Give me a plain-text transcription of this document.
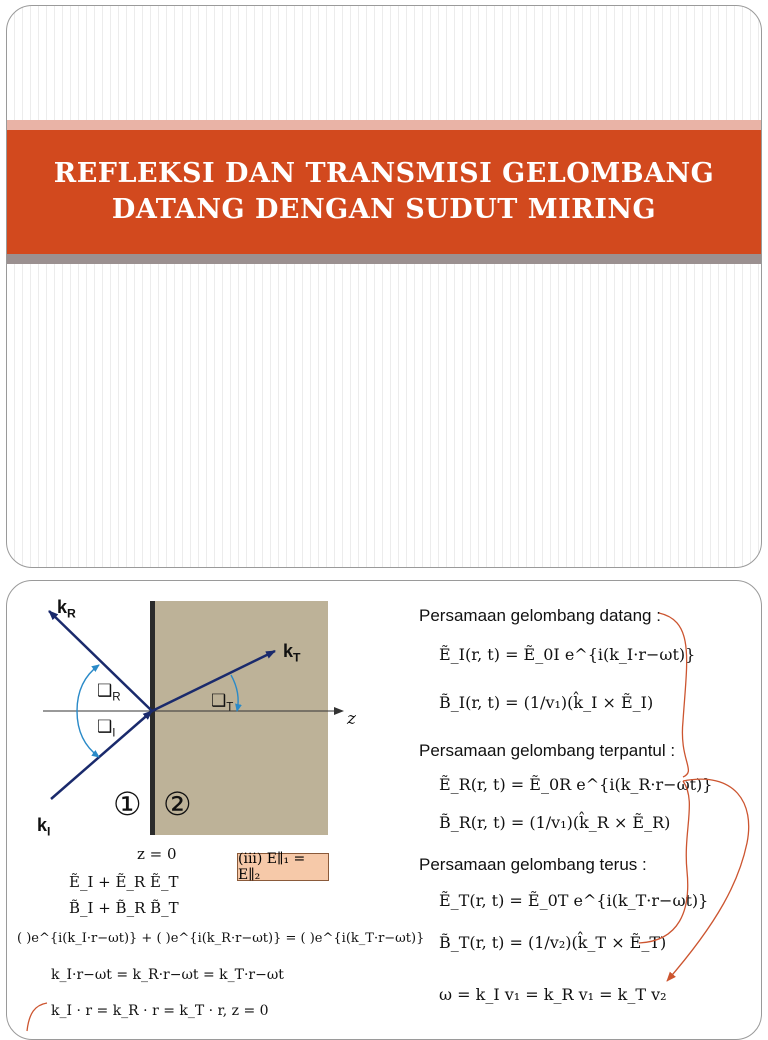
REFLEKSI DAN TRANSMISI GELOMBANG
DATANG DENGAN SUDUT MIRING
$k_R$
$k_T$
$k_I$
z
$❑_R$
$❑_I$
$❑_T$
① ②
z = 0	(iii) E∥₁ = E∥₂
Ẽ_I + Ẽ_R Ẽ_T
B̃_I + B̃_R B̃_T
( )e^{i(k_I·r−ωt)} + ( )e^{i(k_R·r−ωt)} = ( )e^{i(k_T·r−ωt)}
k_I·r−ωt = k_R·r−ωt = k_T·r−ωt
k_I · r = k_R · r = k_T · r, z = 0
Persamaan gelombang datang :
Ẽ_I(r, t) = Ẽ_0I e^{i(k_I·r−ωt)}
B̃_I(r, t) = (1/v₁)(k̂_I × Ẽ_I)
Persamaan gelombang terpantul :
Ẽ_R(r, t) = Ẽ_0R e^{i(k_R·r−ωt)}
B̃_R(r, t) = (1/v₁)(k̂_R × Ẽ_R)
Persamaan gelombang terus :
Ẽ_T(r, t) = Ẽ_0T e^{i(k_T·r−ωt)}
B̃_T(r, t) = (1/v₂)(k̂_T × Ẽ_T)
ω = k_I v₁ = k_R v₁ = k_T v₂
